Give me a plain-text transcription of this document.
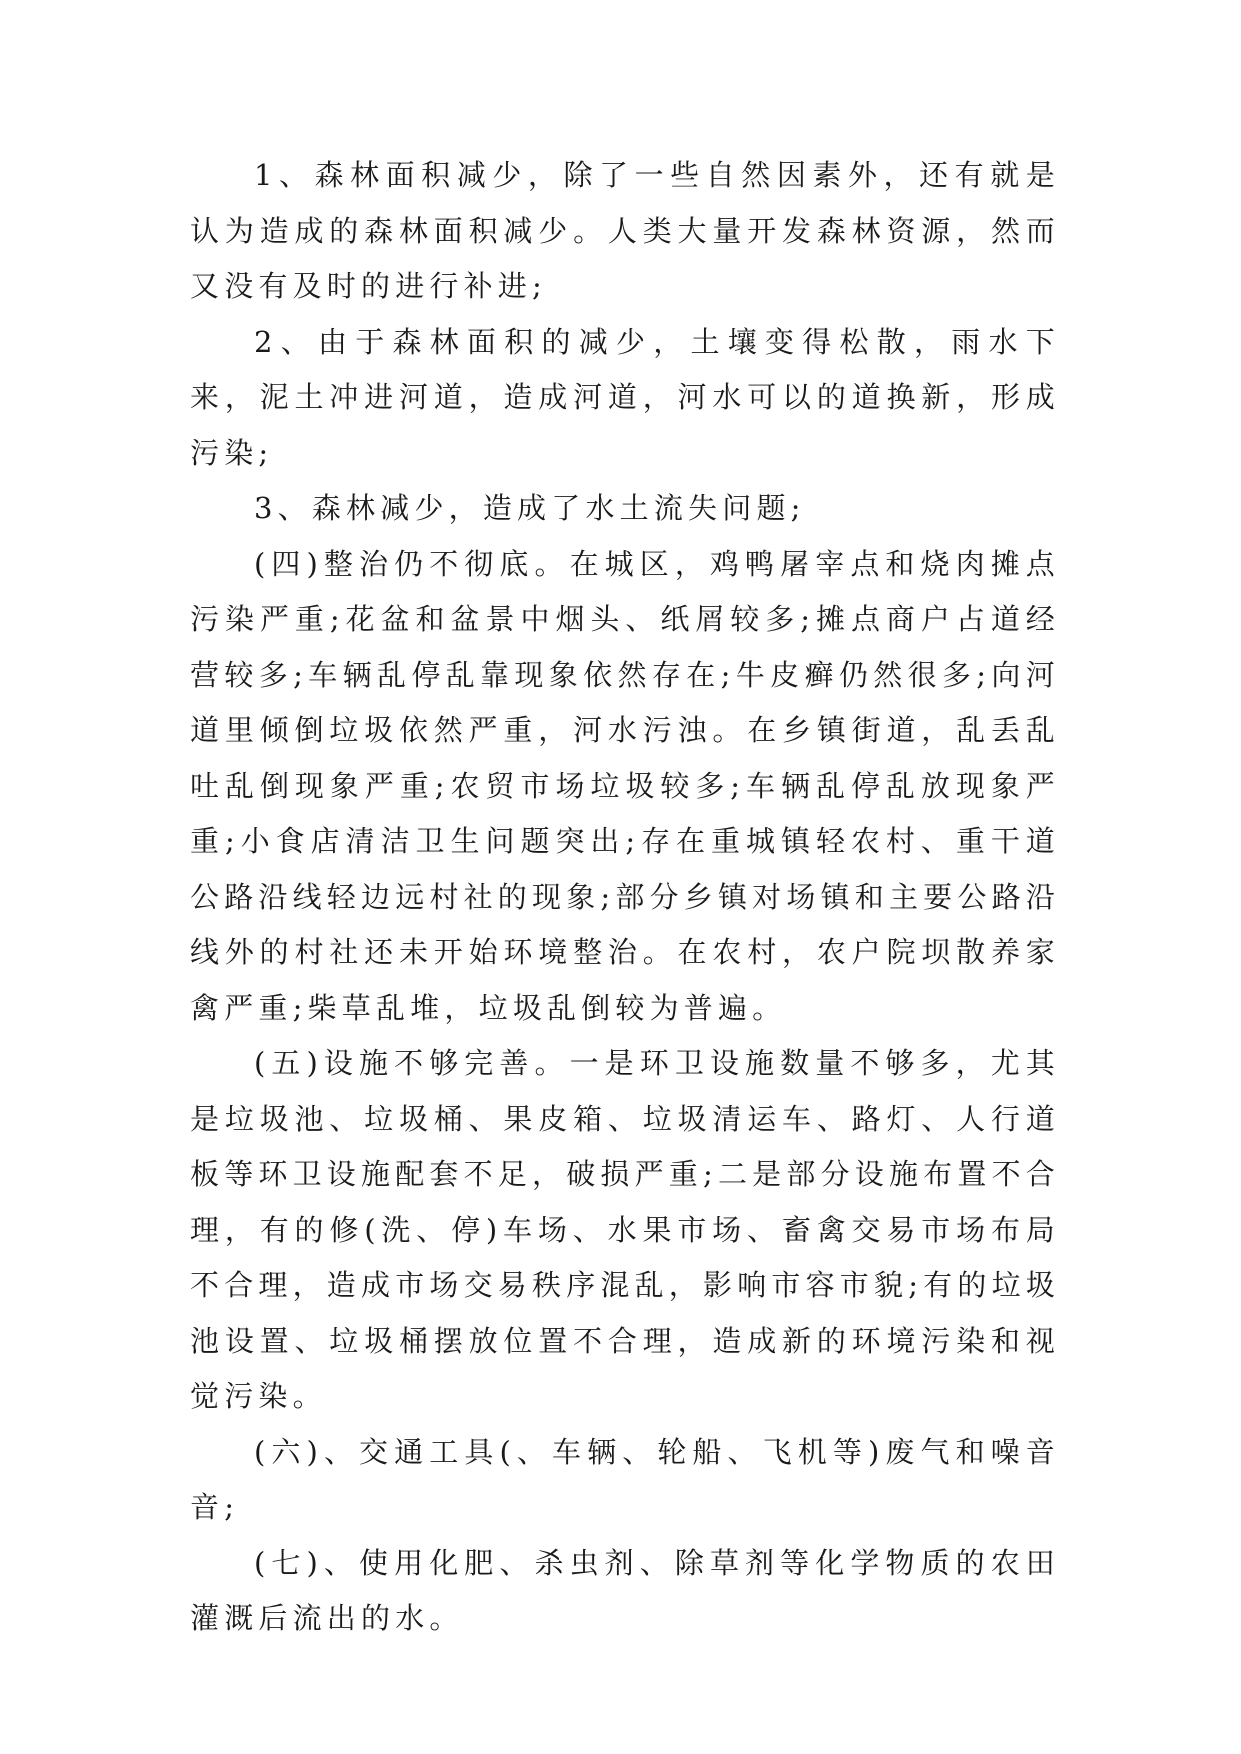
1、森林面积减少，除了一些自然因素外，还有就是认为造成的森林面积减少。人类大量开发森林资源，然而又没有及时的进行补进;

2、由于森林面积的减少，土壤变得松散，雨水下来，泥土冲进河道，造成河道，河水可以的道换新，形成污染;

3、森林减少，造成了水土流失问题;

(四)整治仍不彻底。在城区，鸡鸭屠宰点和烧肉摊点污染严重;花盆和盆景中烟头、纸屑较多;摊点商户占道经营较多;车辆乱停乱靠现象依然存在;牛皮癣仍然很多;向河道里倾倒垃圾依然严重，河水污浊。在乡镇街道，乱丢乱吐乱倒现象严重;农贸市场垃圾较多;车辆乱停乱放现象严重;小食店清洁卫生问题突出;存在重城镇轻农村、重干道公路沿线轻边远村社的现象;部分乡镇对场镇和主要公路沿线外的村社还未开始环境整治。在农村，农户院坝散养家禽严重;柴草乱堆，垃圾乱倒较为普遍。

(五)设施不够完善。一是环卫设施数量不够多，尤其是垃圾池、垃圾桶、果皮箱、垃圾清运车、路灯、人行道板等环卫设施配套不足，破损严重;二是部分设施布置不合理，有的修(洗、停)车场、水果市场、畜禽交易市场布局不合理，造成市场交易秩序混乱，影响市容市貌;有的垃圾池设置、垃圾桶摆放位置不合理，造成新的环境污染和视觉污染。

(六)、交通工具(、车辆、轮船、飞机等)废气和噪音音;

(七)、使用化肥、杀虫剂、除草剂等化学物质的农田灌溉后流出的水。
